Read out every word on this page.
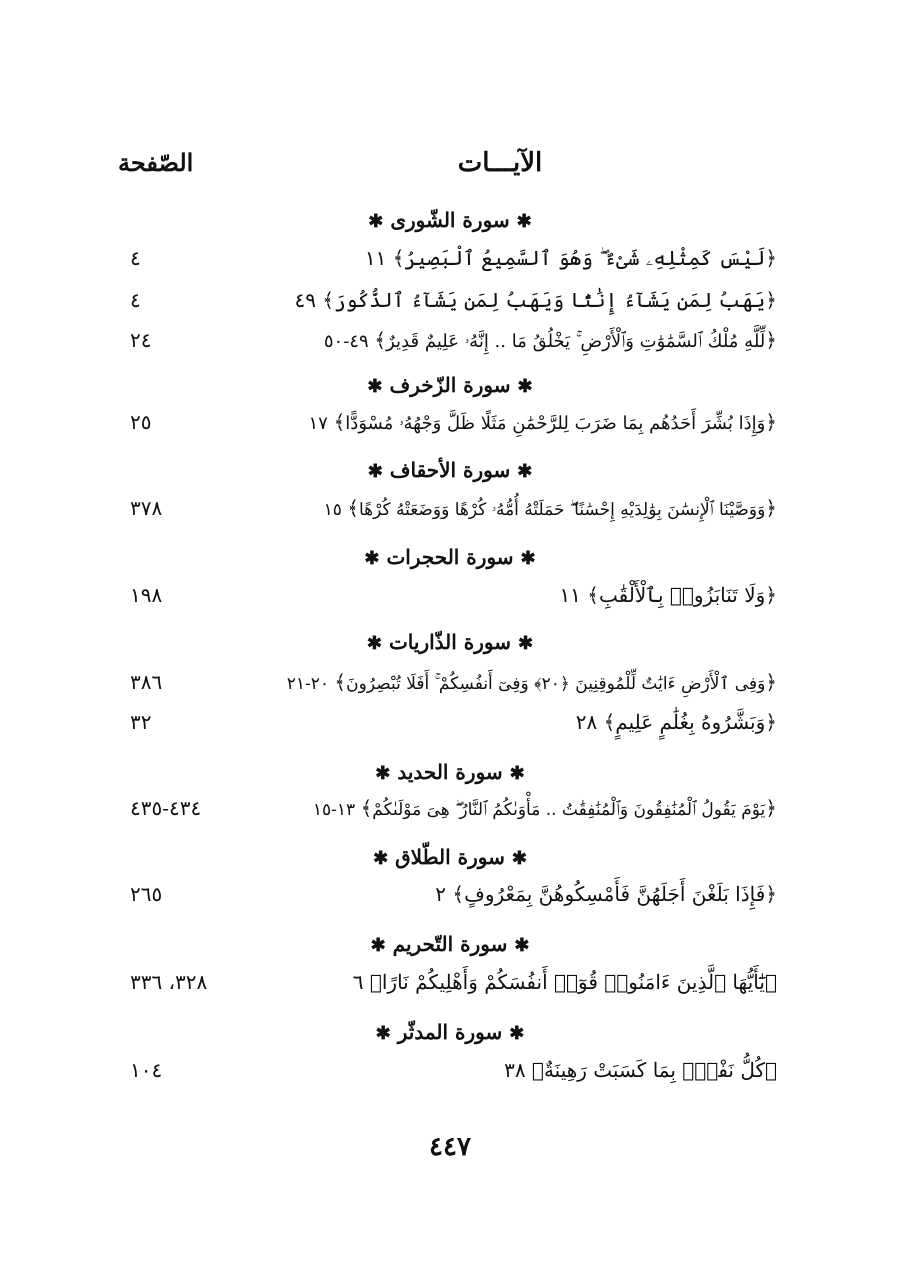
الآيـــات
الصّفحة
✱ سورة الشّورى ✱
﴿لَيْسَ كَمِثْلِهِۦ شَىْءٌ ۖ وَهُوَ ٱلسَّمِيعُ ٱلْبَصِيرُ﴾ ١١
٤
﴿يَهَبُ لِمَن يَشَآءُ إِنَٰثًا وَيَهَبُ لِمَن يَشَآءُ ٱلذُّكُورَ﴾ ٤٩
٤
﴿لِّلَّهِ مُلْكُ ٱلسَّمَٰوَٰتِ وَٱلْأَرْضِ ۚ يَخْلُقُ مَا .. إِنَّهُۥ عَلِيمٌ قَدِيرٌ﴾ ٤٩-٥٠
٢٤
✱ سورة الزّخرف ✱
﴿وَإِذَا بُشِّرَ أَحَدُهُم بِمَا ضَرَبَ لِلرَّحْمَٰنِ مَثَلًا ظَلَّ وَجْهُهُۥ مُسْوَدًّا﴾ ١٧
٢٥
✱ سورة الأحقاف ✱
﴿وَوَصَّيْنَا ٱلْإِنسَٰنَ بِوَٰلِدَيْهِ إِحْسَٰنًا ۖ حَمَلَتْهُ أُمُّهُۥ كُرْهًا وَوَضَعَتْهُ كُرْهًا﴾ ١٥
٣٧٨
✱ سورة الحجرات ✱
﴿وَلَا تَنَابَزُوا۟ بِٱلْأَلْقَٰبِ﴾ ١١
١٩٨
✱ سورة الذّاريات ✱
﴿وَفِى ٱلْأَرْضِ ءَايَٰتٌ لِّلْمُوقِنِينَ ﴿٢٠﴾ وَفِىٓ أَنفُسِكُمْ ۚ أَفَلَا تُبْصِرُونَ﴾ ٢٠-٢١
٣٨٦
﴿وَبَشَّرُوهُ بِغُلَٰمٍ عَلِيمٍ﴾ ٢٨
٣٢
✱ سورة الحديد ✱
﴿يَوْمَ يَقُولُ ٱلْمُنَٰفِقُونَ وَٱلْمُنَٰفِقَٰتُ .. مَأْوَىٰكُمُ ٱلنَّارُ ۖ هِىَ مَوْلَىٰكُمْ﴾ ١٣-١٥
٤٣٤-٤٣٥
✱ سورة الطّلاق ✱
﴿فَإِذَا بَلَغْنَ أَجَلَهُنَّ فَأَمْسِكُوهُنَّ بِمَعْرُوفٍ﴾ ٢
٢٦٥
✱ سورة التّحريم ✱
﴿يَٰٓأَيُّهَا ٱلَّذِينَ ءَامَنُوا۟ قُوٓا۟ أَنفُسَكُمْ وَأَهْلِيكُمْ نَارًا﴾ ٦
٣٢٨، ٣٣٦
✱ سورة المدثّر ✱
﴿كُلُّ نَفْسٍۭ بِمَا كَسَبَتْ رَهِينَةٌ﴾ ٣٨
١٠٤
٤٤٧
